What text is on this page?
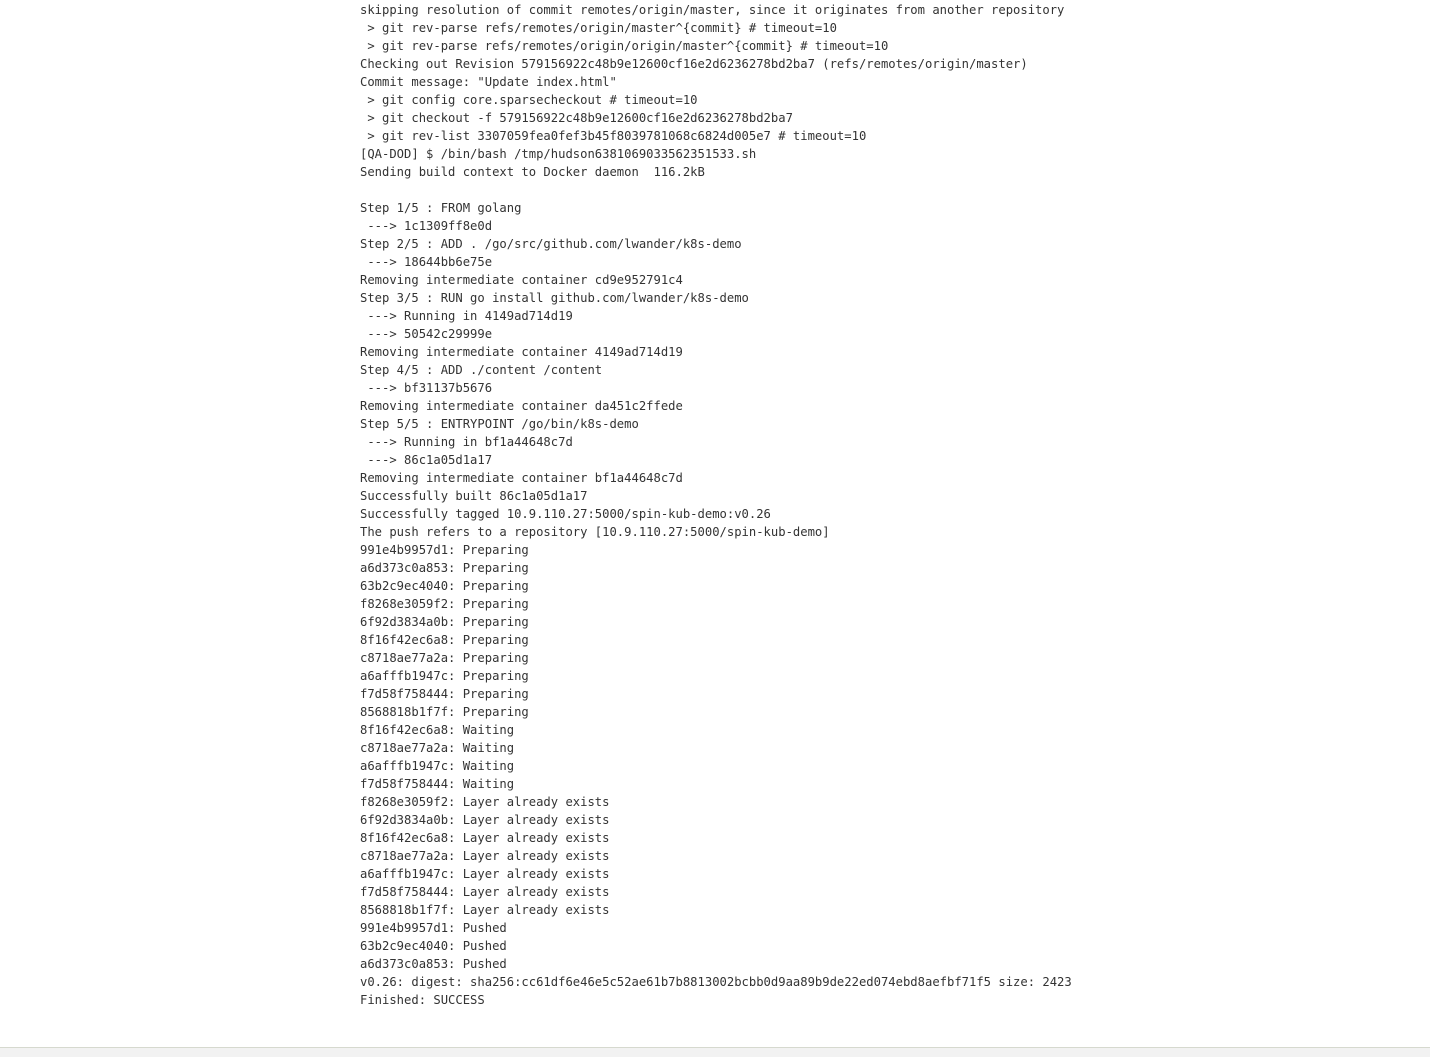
skipping resolution of commit remotes/origin/master, since it originates from another repository
> git rev-parse refs/remotes/origin/master^{commit} # timeout=10
> git rev-parse refs/remotes/origin/origin/master^{commit} # timeout=10
Checking out Revision 579156922c48b9e12600cf16e2d6236278bd2ba7 (refs/remotes/origin/master)
Commit message: "Update index.html"
> git config core.sparsecheckout # timeout=10
> git checkout -f 579156922c48b9e12600cf16e2d6236278bd2ba7
> git rev-list 3307059fea0fef3b45f8039781068c6824d005e7 # timeout=10
[QA-DOD] $ /bin/bash /tmp/hudson6381069033562351533.sh
Sending build context to Docker daemon  116.2kB
Step 1/5 : FROM golang
---> 1c1309ff8e0d
Step 2/5 : ADD . /go/src/github.com/lwander/k8s-demo
---> 18644bb6e75e
Removing intermediate container cd9e952791c4
Step 3/5 : RUN go install github.com/lwander/k8s-demo
---> Running in 4149ad714d19
---> 50542c29999e
Removing intermediate container 4149ad714d19
Step 4/5 : ADD ./content /content
---> bf31137b5676
Removing intermediate container da451c2ffede
Step 5/5 : ENTRYPOINT /go/bin/k8s-demo
---> Running in bf1a44648c7d
---> 86c1a05d1a17
Removing intermediate container bf1a44648c7d
Successfully built 86c1a05d1a17
Successfully tagged 10.9.110.27:5000/spin-kub-demo:v0.26
The push refers to a repository [10.9.110.27:5000/spin-kub-demo]
991e4b9957d1: Preparing
a6d373c0a853: Preparing
63b2c9ec4040: Preparing
f8268e3059f2: Preparing
6f92d3834a0b: Preparing
8f16f42ec6a8: Preparing
c8718ae77a2a: Preparing
a6afffb1947c: Preparing
f7d58f758444: Preparing
8568818b1f7f: Preparing
8f16f42ec6a8: Waiting
c8718ae77a2a: Waiting
a6afffb1947c: Waiting
f7d58f758444: Waiting
f8268e3059f2: Layer already exists
6f92d3834a0b: Layer already exists
8f16f42ec6a8: Layer already exists
c8718ae77a2a: Layer already exists
a6afffb1947c: Layer already exists
f7d58f758444: Layer already exists
8568818b1f7f: Layer already exists
991e4b9957d1: Pushed
63b2c9ec4040: Pushed
a6d373c0a853: Pushed
v0.26: digest: sha256:cc61df6e46e5c52ae61b7b8813002bcbb0d9aa89b9de22ed074ebd8aefbf71f5 size: 2423
Finished: SUCCESS
